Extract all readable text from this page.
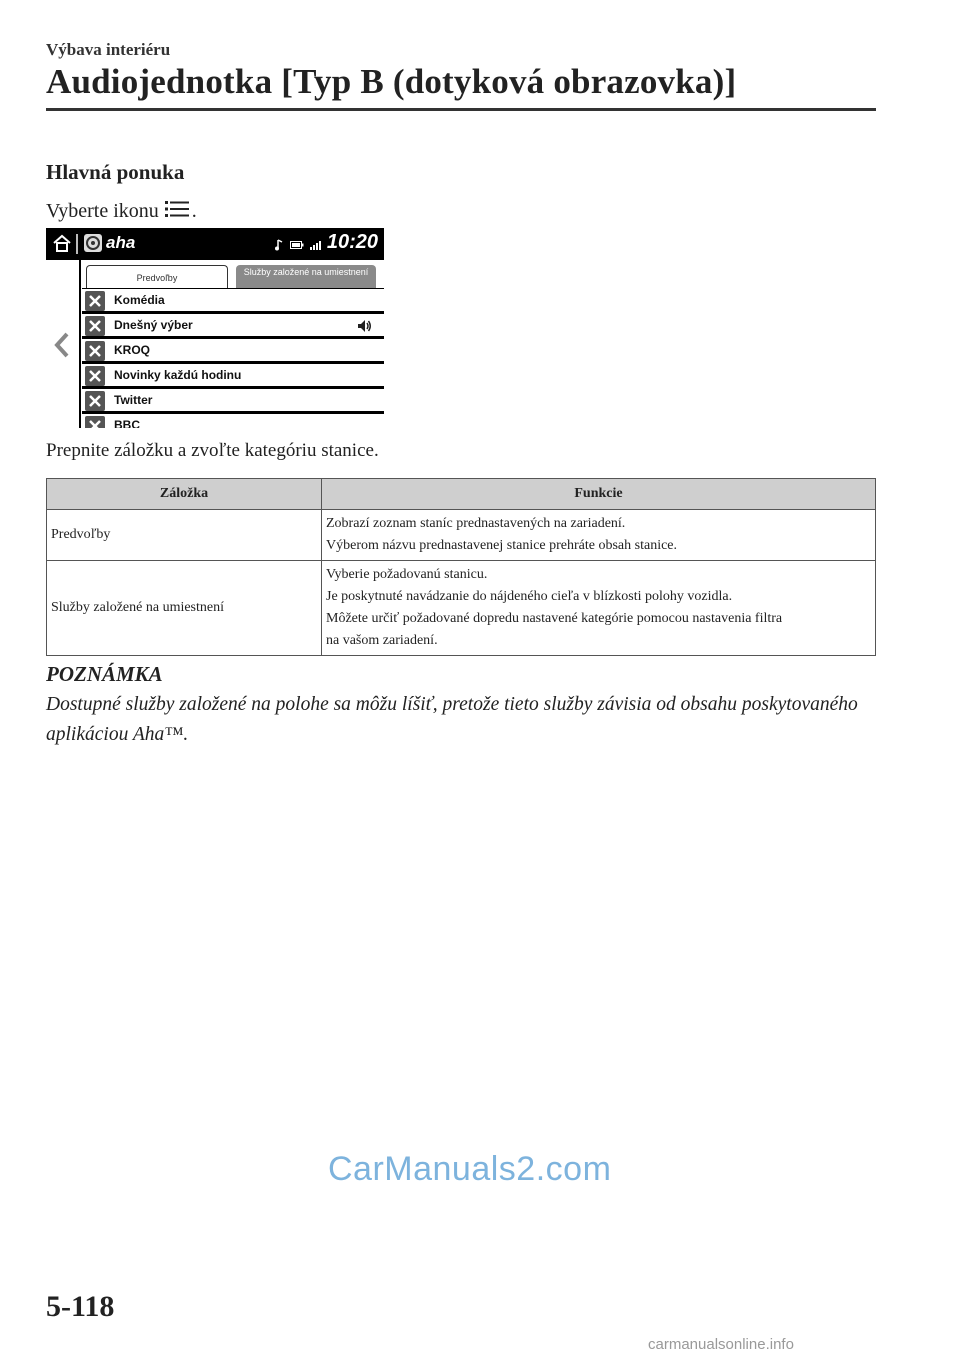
Výbava interiéru
Audiojednotka [Typ B (dotyková obrazovka)]
Hlavná ponuka
Vyberte ikonu .
aha	10:20
Predvoľby
Služby založené na umiestnení
Komédia
Dnešný výber
KROQ
Novinky každú hodinu
Twitter
BBC
Prepnite záložku a zvoľte kategóriu stanice.
Záložka	Funkcie
Predvoľby	Zobrazí zoznam staníc prednastavených na zariadení.
Výberom názvu prednastavenej stanice prehráte obsah stanice.

Služby založené na umiestnení	Vyberie požadovanú stanicu.
Je poskytnuté navádzanie do nájdeného cieľa v blízkosti polohy vozidla.
Môžete určiť požadované dopredu nastavené kategórie pomocou nastavenia filtra
na vašom zariadení.
POZNÁMKA
Dostupné služby založené na polohe sa môžu líšiť, pretože tieto služby závisia od obsahu poskytovaného aplikáciou Aha™.
CarManuals2.com
5-118
carmanualsonline.info
